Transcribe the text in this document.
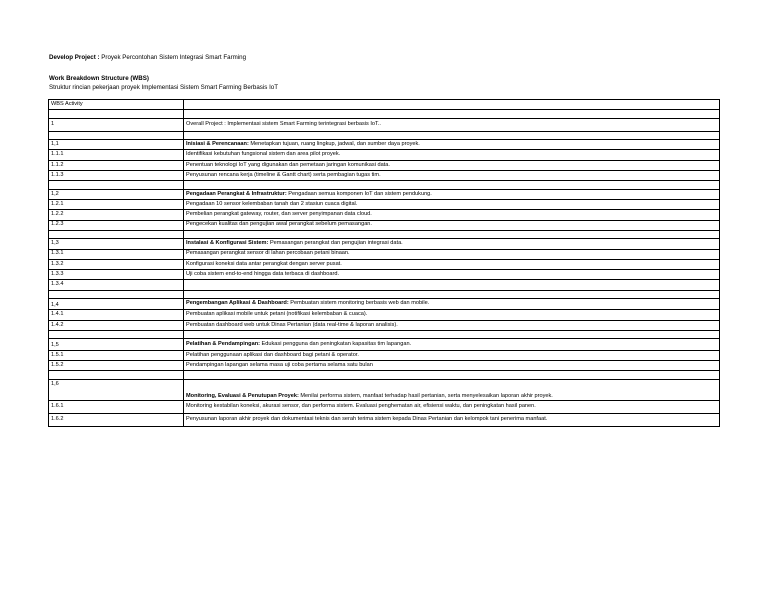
Develop Project : Proyek Percontohan Sistem Integrasi Smart Farming
Work Breakdown Structure (WBS)
Struktur rincian pekerjaan proyek Implementasi Sistem Smart Farming Berbasis IoT
WBS Activity	

1	Overall Project : Implementasi sistem Smart Farming terintegrasi berbasis IoT..

1,1	Inisiasi & Perencanaan: Menetapkan tujuan, ruang lingkup, jadwal, dan sumber daya proyek.
1.1.1	Identifikasi kebutuhan fungsional sistem dan area pilot proyek.
1.1.2	Penentuan teknologi IoT yang digunakan dan pemetaan jaringan komunikasi data.
1.1.3	Penyusunan rencana kerja (timeline & Gantt chart) serta pembagian tugas tim.

1,2	Pengadaan Perangkat & Infrastruktur: Pengadaan semua komponen IoT dan sistem pendukung.
1.2.1	Pengadaan 10 sensor kelembaban tanah dan 2 stasiun cuaca digital.
1.2.2	Pembelian perangkat gateway, router, dan server penyimpanan data cloud.
1.2.3	Pengecekan kualitas dan pengujian awal perangkat sebelum pemasangan.

1,3	Instalasi & Konfigurasi Sistem: Pemasangan perangkat dan pengujian integrasi data.
1.3.1	Pemasangan perangkat sensor di lahan percobaan petani binaan.
1.3.2	Konfigurasi koneksi data antar perangkat dengan server pusat.
1.3.3	Uji coba sistem end-to-end hingga data terbaca di dashboard.
1.3.4	

1,4	Pengembangan Aplikasi & Dashboard: Pembuatan sistem monitoring berbasis web dan mobile.
1.4.1	Pembuatan aplikasi mobile untuk petani (notifikasi kelembaban & cuaca).
1.4.2	Pembuatan dashboard web untuk Dinas Pertanian (data real-time & laporan analisis).

1,5	Pelatihan & Pendampingan: Edukasi pengguna dan peningkatan kapasitas tim lapangan.
1.5.1	Pelatihan penggunaan aplikasi dan dashboard bagi petani & operator.
1.5.2	Pendampingan lapangan selama masa uji coba pertama selama satu bulan

1,6	Monitoring, Evaluasi & Penutupan Proyek: Menilai performa sistem, manfaat terhadap hasil pertanian, serta menyelesaikan laporan akhir proyek.
1.6.1	Monitoring kestabilan koneksi, akurasi sensor, dan performa sistem. Evaluasi penghematan air, efisiensi waktu, dan peningkatan hasil panen.
1.6.2	Penyusunan laporan akhir proyek dan dokumentasi teknis dan serah terima sistem kepada Dinas Pertanian dan kelompok tani penerima manfaat.
